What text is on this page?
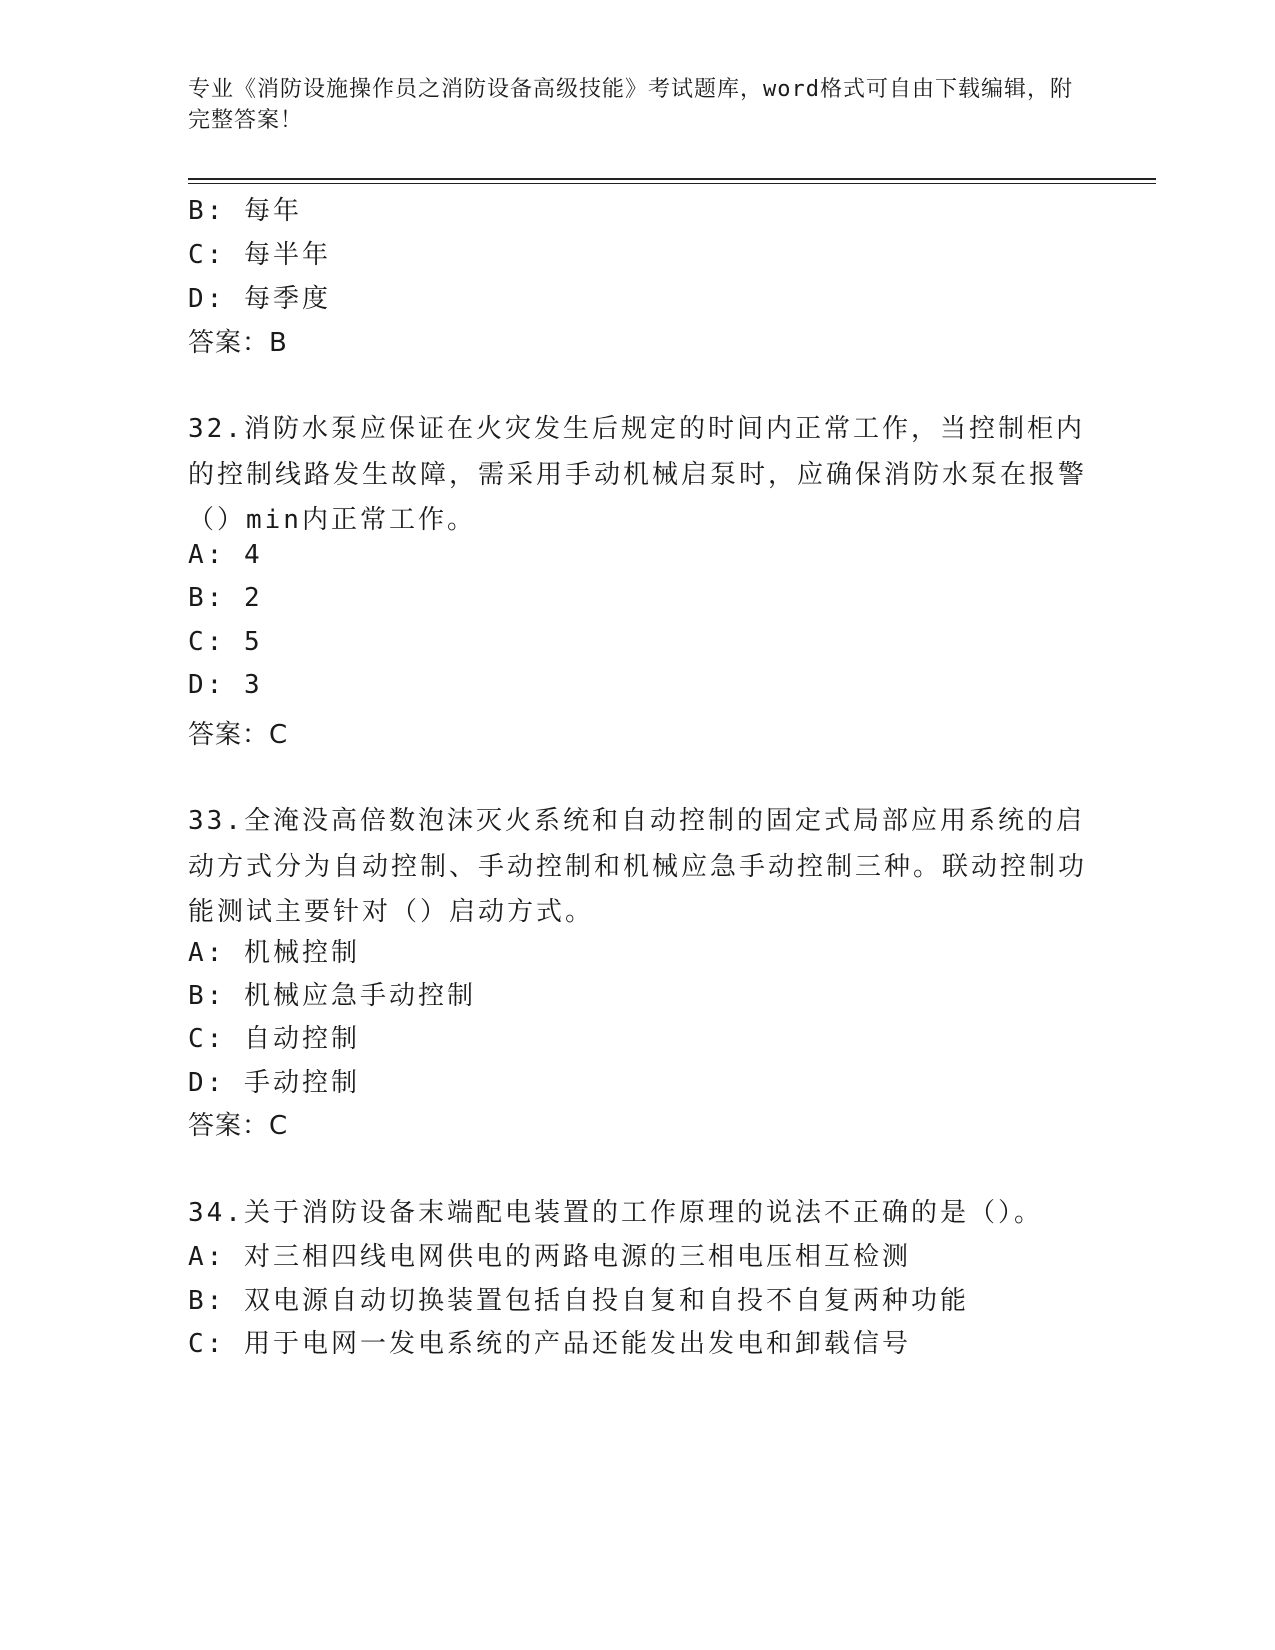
专业《消防设施操作员之消防设备高级技能》考试题库，word格式可自由下载编辑，附完整答案！
B: 每年
C: 每半年
D: 每季度
答案：B
32.消防水泵应保证在火灾发生后规定的时间内正常工作，当控制柜内的控制线路发生故障，需采用手动机械启泵时，应确保消防水泵在报警（）min内正常工作。
A: 4
B: 2
C: 5
D: 3
答案：C
33.全淹没高倍数泡沫灭火系统和自动控制的固定式局部应用系统的启动方式分为自动控制、手动控制和机械应急手动控制三种。联动控制功能测试主要针对（）启动方式。
A: 机械控制
B: 机械应急手动控制
C: 自动控制
D: 手动控制
答案：C
34.关于消防设备末端配电装置的工作原理的说法不正确的是（）。
A: 对三相四线电网供电的两路电源的三相电压相互检测
B: 双电源自动切换装置包括自投自复和自投不自复两种功能
C: 用于电网一发电系统的产品还能发出发电和卸载信号
